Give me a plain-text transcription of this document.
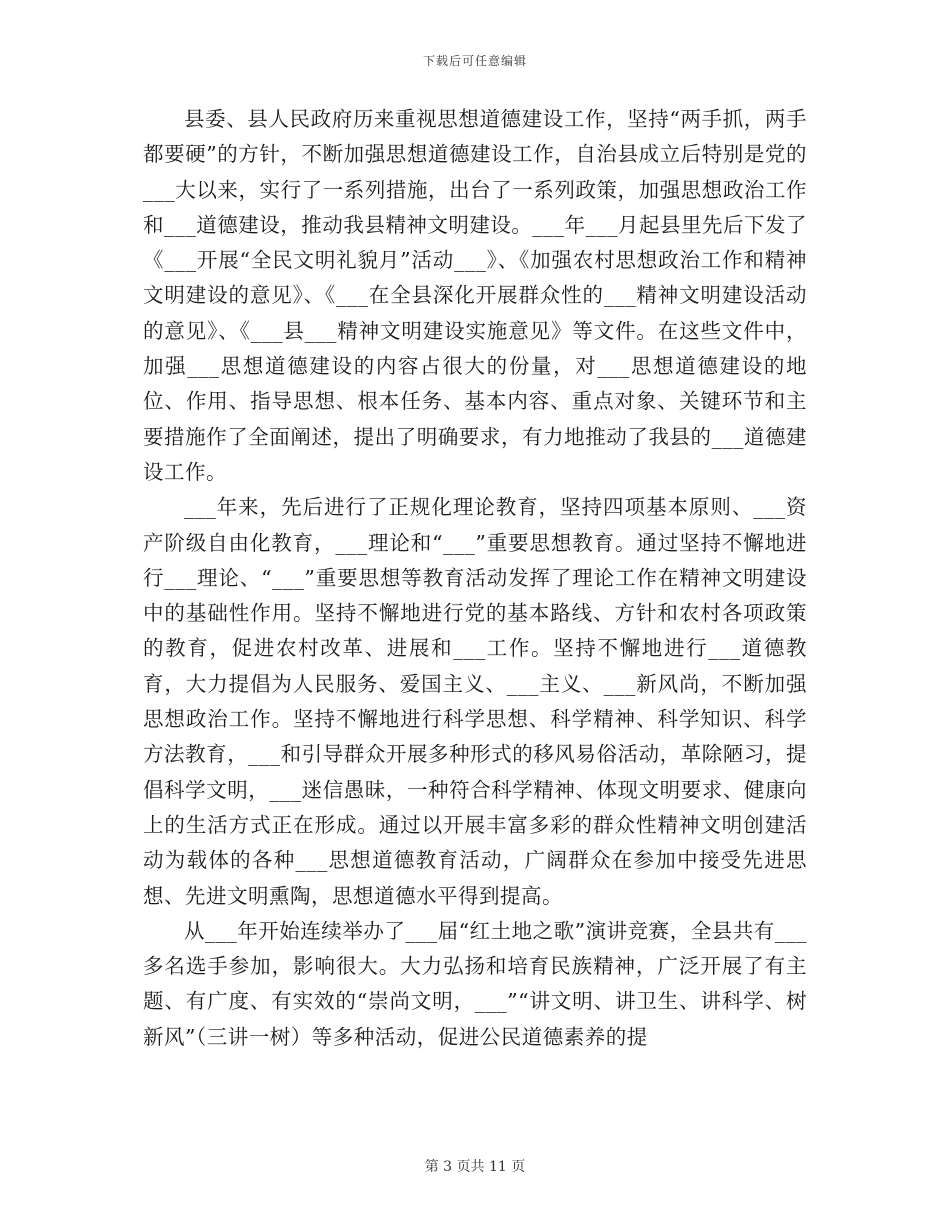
下载后可任意编辑

县委、县人民政府历来重视思想道德建设工作，坚持“两手抓，两手都要硬”的方针，不断加强思想道德建设工作，自治县成立后特别是党的___大以来，实行了一系列措施，出台了一系列政策，加强思想政治工作和___道德建设，推动我县精神文明建设。___年___月起县里先后下发了《___开展“全民文明礼貌月”活动___》、《加强农村思想政治工作和精神文明建设的意见》、《___在全县深化开展群众性的___精神文明建设活动的意见》、《___县___精神文明建设实施意见》等文件。在这些文件中，加强___思想道德建设的内容占很大的份量，对___思想道德建设的地位、作用、指导思想、根本任务、基本内容、重点对象、关键环节和主要措施作了全面阐述，提出了明确要求，有力地推动了我县的___道德建设工作。

___年来，先后进行了正规化理论教育，坚持四项基本原则、___资产阶级自由化教育，___理论和“___”重要思想教育。通过坚持不懈地进行___理论、“___”重要思想等教育活动发挥了理论工作在精神文明建设中的基础性作用。坚持不懈地进行党的基本路线、方针和农村各项政策的教育，促进农村改革、进展和___工作。坚持不懈地进行___道德教育，大力提倡为人民服务、爱国主义、___主义、___新风尚，不断加强思想政治工作。坚持不懈地进行科学思想、科学精神、科学知识、科学方法教育，___和引导群众开展多种形式的移风易俗活动，革除陋习，提倡科学文明，___迷信愚昧，一种符合科学精神、体现文明要求、健康向上的生活方式正在形成。通过以开展丰富多彩的群众性精神文明创建活动为载体的各种___思想道德教育活动，广阔群众在参加中接受先进思想、先进文明熏陶，思想道德水平得到提高。

从___年开始连续举办了___届“红土地之歌”演讲竞赛，全县共有___多名选手参加，影响很大。大力弘扬和培育民族精神，广泛开展了有主题、有广度、有实效的“崇尚文明，___”“讲文明、讲卫生、讲科学、树新风”（三讲一树）等多种活动，促进公民道德素养的提

第 3 页共 11 页
